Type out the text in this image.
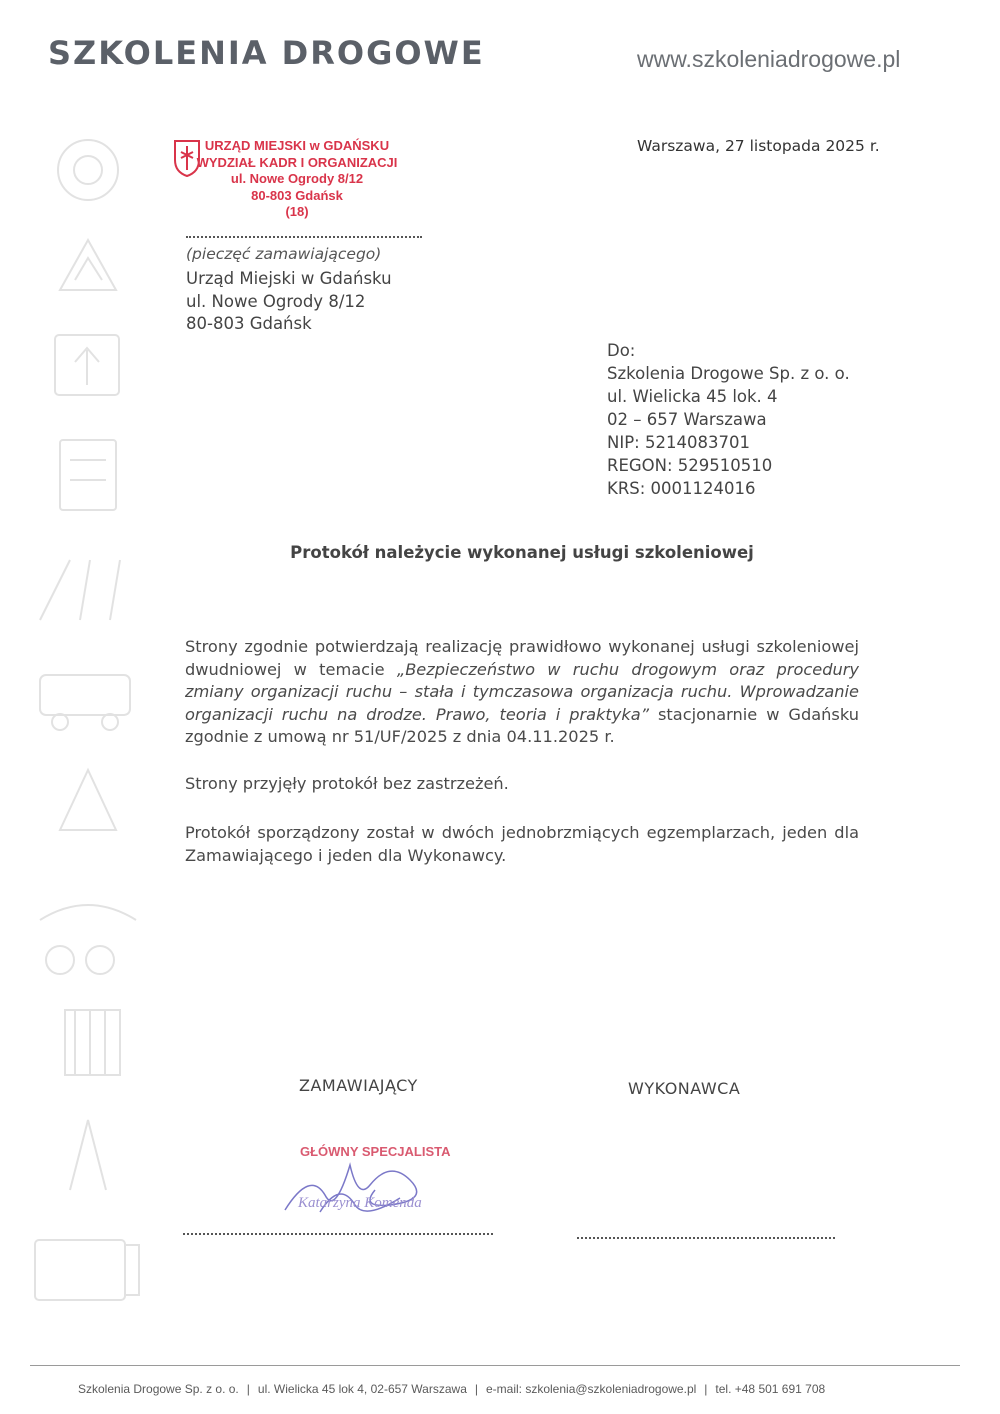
SZKOLENIA DROGOWE	www.szkoleniadrogowe.pl
URZĄD MIEJSKI w GDAŃSKU
WYDZIAŁ KADR I ORGANIZACJI
ul. Nowe Ogrody 8/12
80-803 Gdańsk
(18)
Warszawa, 27 listopada 2025 r.
(pieczęć zamawiającego)
Urząd Miejski w Gdańsku
ul. Nowe Ogrody 8/12
80-803 Gdańsk
Do:
Szkolenia Drogowe Sp. z o. o.
ul. Wielicka 45 lok. 4
02 – 657 Warszawa
NIP: 5214083701
REGON: 529510510
KRS: 0001124016
Protokół należycie wykonanej usługi szkoleniowej
Strony zgodnie potwierdzają realizację prawidłowo wykonanej usługi szkoleniowej dwudniowej w temacie „Bezpieczeństwo w ruchu drogowym oraz procedury zmiany organizacji ruchu – stała i tymczasowa organizacja ruchu. Wprowadzanie organizacji ruchu na drodze. Prawo, teoria i praktyka” stacjonarnie w Gdańsku zgodnie z umową nr 51/UF/2025 z dnia 04.11.2025 r.
Strony przyjęły protokół bez zastrzeżeń.
Protokół sporządzony został w dwóch jednobrzmiących egzemplarzach, jeden dla Zamawiającego i jeden dla Wykonawcy.
ZAMAWIAJĄCY	WYKONAWCA
GŁÓWNY SPECJALISTA
Katarzyna Komenda
Szkolenia Drogowe Sp. z o. o. | ul. Wielicka 45 lok 4, 02-657 Warszawa | e-mail: szkolenia@szkoleniadrogowe.pl | tel. +48 501 691 708
